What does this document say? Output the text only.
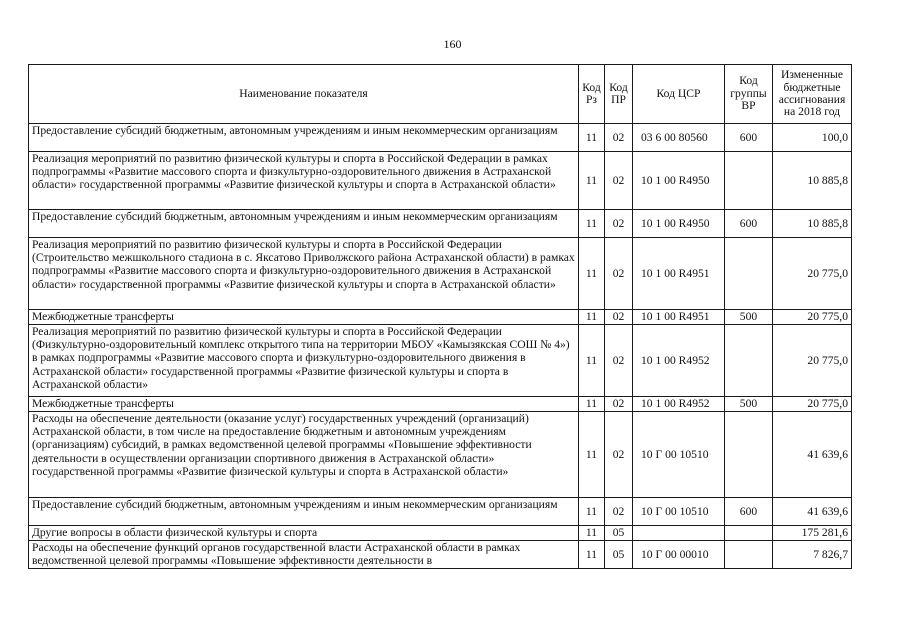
160
Наименование показателя	Код Рз	Код ПР	Код ЦСР	Код группы ВР	Измененные бюджетные ассигнования на 2018 год
Предоставление субсидий бюджетным, автономным учреждениям и иным некоммерческим организациям	11	02	03 6 00 80560	600	100,0
Реализация мероприятий по развитию физической культуры и спорта в Российской Федерации в рамках подпрограммы «Развитие массового спорта и физкультурно-оздоровительного движения в Астраханской области» государственной программы «Развитие физической культуры и спорта в Астраханской области»	11	02	10 1 00 R4950		10 885,8
Предоставление субсидий бюджетным, автономным учреждениям и иным некоммерческим организациям	11	02	10 1 00 R4950	600	10 885,8
Реализация мероприятий по развитию физической культуры и спорта в Российской Федерации (Строительство межшкольного стадиона в с. Яксатово Приволжского района Астраханской области) в рамках подпрограммы «Развитие массового спорта и физкультурно-оздоровительного движения в Астраханской области» государственной программы «Развитие физической культуры и спорта в Астраханской области»	11	02	10 1 00 R4951		20 775,0
Межбюджетные трансферты	11	02	10 1 00 R4951	500	20 775,0
Реализация мероприятий по развитию физической культуры и спорта в Российской Федерации (Физкультурно-оздоровительный комплекс открытого типа на территории МБОУ «Камызякская СОШ № 4») в рамках подпрограммы «Развитие массового спорта и физкультурно-оздоровительного движения в Астраханской области» государственной программы «Развитие физической культуры и спорта в Астраханской области»	11	02	10 1 00 R4952		20 775,0
Межбюджетные трансферты	11	02	10 1 00 R4952	500	20 775,0
Расходы на обеспечение деятельности (оказание услуг) государственных учреждений (организаций) Астраханской области, в том числе на предоставление бюджетным и автономным учреждениям (организациям) субсидий, в рамках ведомственной целевой программы «Повышение эффективности деятельности в осуществлении организации спортивного движения в Астраханской области» государственной программы «Развитие физической культуры и спорта в Астраханской области»	11	02	10 Г 00 10510		41 639,6
Предоставление субсидий бюджетным, автономным учреждениям и иным некоммерческим организациям	11	02	10 Г 00 10510	600	41 639,6
Другие вопросы в области физической культуры и спорта	11	05			175 281,6
Расходы на обеспечение функций органов государственной власти Астраханской области в рамках ведомственной целевой программы «Повышение эффективности деятельности в	11	05	10 Г 00 00010		7 826,7
